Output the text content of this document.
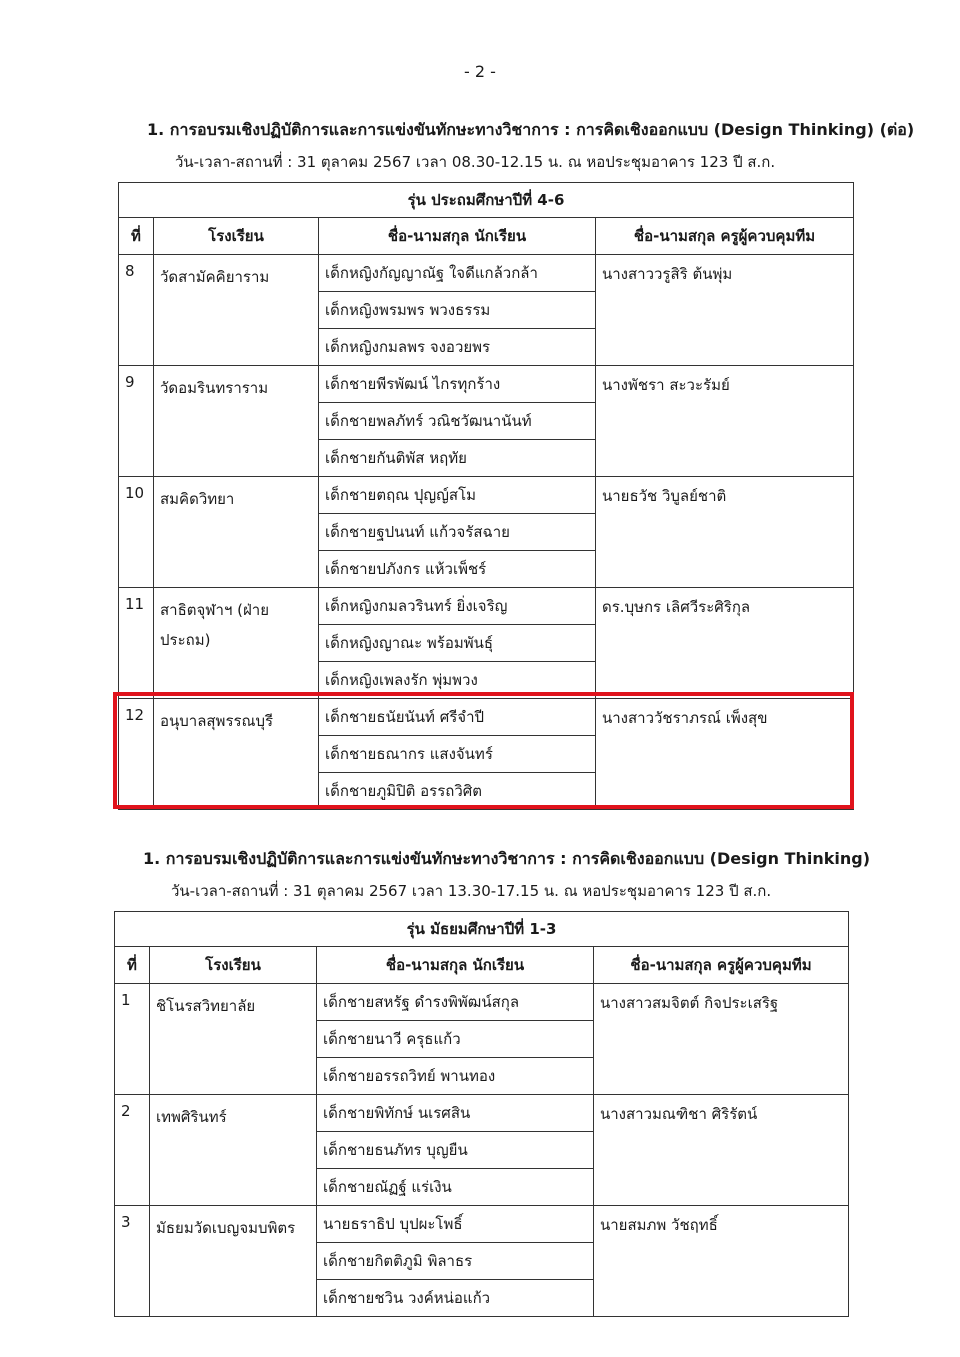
- 2 -
1. การอบรมเชิงปฏิบัติการและการแข่งขันทักษะทางวิชาการ : การคิดเชิงออกแบบ (Design Thinking) (ต่อ)
วัน-เวลา-สถานที่ : 31 ตุลาคม 2567 เวลา 08.30-12.15 น. ณ หอประชุมอาคาร 123 ปี ส.ก.
รุ่น ประถมศึกษาปีที่ 4-6			
ที่	โรงเรียน	ชื่อ-นามสกุล นักเรียน	ชื่อ-นามสกุล ครูผู้ควบคุมทีม
8	วัดสามัคคิยาราม	เด็กหญิงกัญญาณัฐ ใจดีแกล้วกล้า	นางสาววรูสิริ ต้นพุ่ม
		เด็กหญิงพรมพร พวงธรรม	
		เด็กหญิงกมลพร จงอวยพร	
9	วัดอมรินทราราม	เด็กชายพีรพัฒน์ ไกรทุกร้าง	นางพัชรา สะวะรัมย์
		เด็กชายพลภัทร์ วณิชวัฒนานันท์	
		เด็กชายกันติพัส หฤทัย	
10	สมคิดวิทยา	เด็กชายตฤณ ปุญญ์สโม	นายธวัช วิบูลย์ชาติ
		เด็กชายฐปนนท์ แก้วจรัสฉาย	
		เด็กชายปภังกร แห้วเพ็ชร์	
11	สาธิตจุฬาฯ (ฝ่ายประถม)	เด็กหญิงกมลวรินทร์ ยิ่งเจริญ	ดร.บุษกร เลิศวีระศิริกุล
		เด็กหญิงญาณะ พร้อมพันธุ์	
		เด็กหญิงเพลงรัก พุ่มพวง	
12	อนุบาลสุพรรณบุรี	เด็กชายธนัยนันท์ ศรีจำปี	นางสาววัชราภรณ์ เพ็งสุข
		เด็กชายธณากร แสงจันทร์	
		เด็กชายภูมิปิติ อรรถวิศิต	
1. การอบรมเชิงปฏิบัติการและการแข่งขันทักษะทางวิชาการ : การคิดเชิงออกแบบ (Design Thinking)
วัน-เวลา-สถานที่ : 31 ตุลาคม 2567 เวลา 13.30-17.15 น. ณ หอประชุมอาคาร 123 ปี ส.ก.
รุ่น มัธยมศึกษาปีที่ 1-3			
ที่	โรงเรียน	ชื่อ-นามสกุล นักเรียน	ชื่อ-นามสกุล ครูผู้ควบคุมทีม
1	ชิโนรสวิทยาลัย	เด็กชายสหรัฐ ดำรงพิพัฒน์สกุล	นางสาวสมจิตต์ กิจประเสริฐ
		เด็กชายนาวี ครุธแก้ว	
		เด็กชายอรรถวิทย์ พานทอง	
2	เทพศิรินทร์	เด็กชายพิทักษ์ นเรศสิน	นางสาวมณฑิชา ศิริรัตน์
		เด็กชายธนภัทร บุญยืน	
		เด็กชายณัฏฐ์ แร่เงิน	
3	มัธยมวัดเบญจมบพิตร	นายธราธิป บุปผะโพธิ์	นายสมภพ วัชฤทธิ์
		เด็กชายกิตติภูมิ พิลาธร	
		เด็กชายชวิน วงค์หน่อแก้ว	
